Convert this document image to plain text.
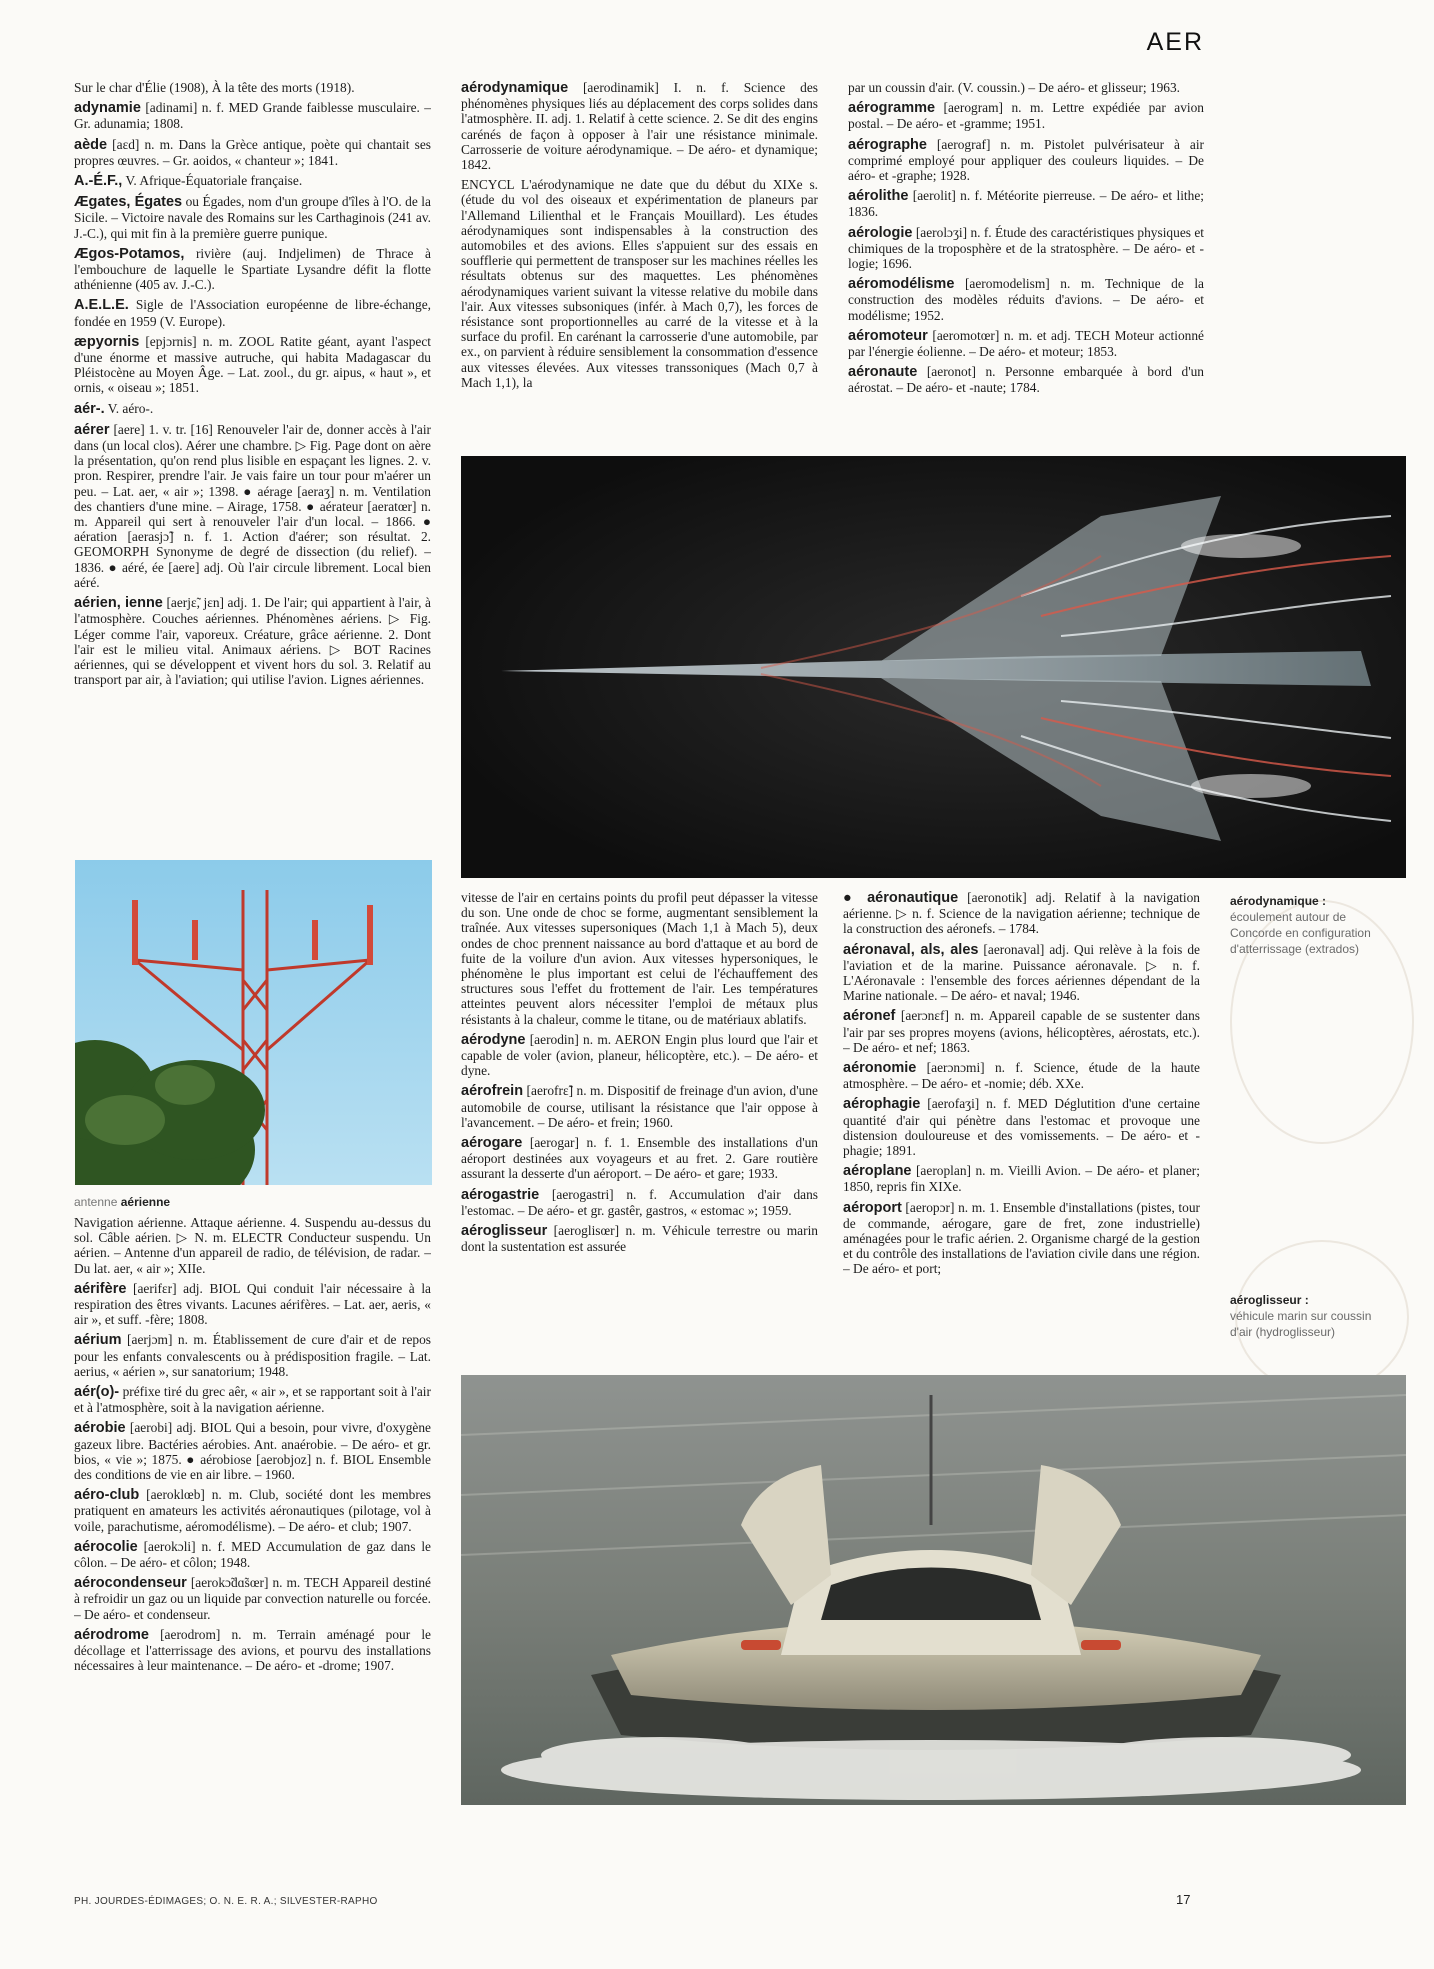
AER

Sur le char d'Élie (1908), À la tête des morts (1918).

adynamie [adinami] n. f. MED Grande faiblesse musculaire. – Gr. adunamia; 1808.

aède [aɛd] n. m. Dans la Grèce antique, poète qui chantait ses propres œuvres. – Gr. aoidos, « chanteur »; 1841.

A.-É.F., V. Afrique-Équatoriale française.

Ægates, Égates ou Égades, nom d'un groupe d'îles à l'O. de la Sicile. – Victoire navale des Romains sur les Carthaginois (241 av. J.-C.), qui mit fin à la première guerre punique.

Ægos-Potamos, rivière (auj. Indjelimen) de Thrace à l'embouchure de laquelle le Spartiate Lysandre défit la flotte athénienne (405 av. J.-C.).

A.E.L.E. Sigle de l'Association européenne de libre-échange, fondée en 1959 (V. Europe).

æpyornis [epjɔrnis] n. m. ZOOL Ratite géant, ayant l'aspect d'une énorme et massive autruche, qui habita Madagascar du Pléistocène au Moyen Âge. – Lat. zool., du gr. aipus, « haut », et ornis, « oiseau »; 1851.

aér-. V. aéro-.

aérer [aere] 1. v. tr. [16] Renouveler l'air de, donner accès à l'air dans (un local clos). Aérer une chambre. ▷ Fig. Page dont on aère la présentation, qu'on rend plus lisible en espaçant les lignes. 2. v. pron. Respirer, prendre l'air. Je vais faire un tour pour m'aérer un peu. – Lat. aer, « air »; 1398. ● aérage [aeraʒ] n. m. Ventilation des chantiers d'une mine. – Airage, 1758. ● aérateur [aeratœr] n. m. Appareil qui sert à renouveler l'air d'un local. – 1866. ● aération [aerasjɔ̃] n. f. 1. Action d'aérer; son résultat. 2. GEOMORPH Synonyme de degré de dissection (du relief). – 1836. ● aéré, ée [aere] adj. Où l'air circule librement. Local bien aéré.

aérien, ienne [aerjɛ̃, jɛn] adj. 1. De l'air; qui appartient à l'air, à l'atmosphère. Couches aériennes. Phénomènes aériens. ▷ Fig. Léger comme l'air, vaporeux. Créature, grâce aérienne. 2. Dont l'air est le milieu vital. Animaux aériens. ▷ BOT Racines aériennes, qui se développent et vivent hors du sol. 3. Relatif au transport par air, à l'aviation; qui utilise l'avion. Lignes aériennes.

antenne aérienne

Navigation aérienne. Attaque aérienne. 4. Suspendu au-dessus du sol. Câble aérien. ▷ N. m. ELECTR Conducteur suspendu. Un aérien. – Antenne d'un appareil de radio, de télévision, de radar. – Du lat. aer, « air »; XIIe.

aérifère [aerifɛr] adj. BIOL Qui conduit l'air nécessaire à la respiration des êtres vivants. Lacunes aérifères. – Lat. aer, aeris, « air », et suff. -fère; 1808.

aérium [aerjɔm] n. m. Établissement de cure d'air et de repos pour les enfants convalescents ou à prédisposition fragile. – Lat. aerius, « aérien », sur sanatorium; 1948.

aér(o)- préfixe tiré du grec aêr, « air », et se rapportant soit à l'air et à l'atmosphère, soit à la navigation aérienne.

aérobie [aerobi] adj. BIOL Qui a besoin, pour vivre, d'oxygène gazeux libre. Bactéries aérobies. Ant. anaérobie. – De aéro- et gr. bios, « vie »; 1875. ● aérobiose [aerobjoz] n. f. BIOL Ensemble des conditions de vie en air libre. – 1960.

aéro-club [aeroklœb] n. m. Club, société dont les membres pratiquent en amateurs les activités aéronautiques (pilotage, vol à voile, parachutisme, aéromodélisme). – De aéro- et club; 1907.

aérocolie [aerokɔli] n. f. MED Accumulation de gaz dans le côlon. – De aéro- et côlon; 1948.

aérocondenseur [aerokɔ̃dɑ̃sœr] n. m. TECH Appareil destiné à refroidir un gaz ou un liquide par convection naturelle ou forcée. – De aéro- et condenseur.

aérodrome [aerodrom] n. m. Terrain aménagé pour le décollage et l'atterrissage des avions, et pourvu des installations nécessaires à leur maintenance. – De aéro- et -drome; 1907.

aérodynamique [aerodinamik] I. n. f. Science des phénomènes physiques liés au déplacement des corps solides dans l'atmosphère. II. adj. 1. Relatif à cette science. 2. Se dit des engins carénés de façon à opposer à l'air une résistance minimale. Carrosserie de voiture aérodynamique. – De aéro- et dynamique; 1842.

ENCYCL L'aérodynamique ne date que du début du XIXe s. (étude du vol des oiseaux et expérimentation de planeurs par l'Allemand Lilienthal et le Français Mouillard). Les études aérodynamiques sont indispensables à la construction des automobiles et des avions. Elles s'appuient sur des essais en soufflerie qui permettent de transposer sur les machines réelles les résultats obtenus sur des maquettes. Les phénomènes aérodynamiques varient suivant la vitesse relative du mobile dans l'air. Aux vitesses subsoniques (infér. à Mach 0,7), les forces de résistance sont proportionnelles au carré de la vitesse et à la surface du profil. En carénant la carrosserie d'une automobile, par ex., on parvient à réduire sensiblement la consommation d'essence aux vitesses élevées. Aux vitesses transsoniques (Mach 0,7 à Mach 1,1), la

par un coussin d'air. (V. coussin.) – De aéro- et glisseur; 1963.

aérogramme [aerogram] n. m. Lettre expédiée par avion postal. – De aéro- et -gramme; 1951.

aérographe [aerograf] n. m. Pistolet pulvérisateur à air comprimé employé pour appliquer des couleurs liquides. – De aéro- et -graphe; 1928.

aérolithe [aerolit] n. f. Météorite pierreuse. – De aéro- et lithe; 1836.

aérologie [aerolɔʒi] n. f. Étude des caractéristiques physiques et chimiques de la troposphère et de la stratosphère. – De aéro- et -logie; 1696.

aéromodélisme [aeromodelism] n. m. Technique de la construction des modèles réduits d'avions. – De aéro- et modélisme; 1952.

aéromoteur [aeromotœr] n. m. et adj. TECH Moteur actionné par l'énergie éolienne. – De aéro- et moteur; 1853.

aéronaute [aeronot] n. Personne embarquée à bord d'un aérostat. – De aéro- et -naute; 1784.

aérodynamique :
écoulement autour de Concorde en configuration d'atterrissage (extrados)

vitesse de l'air en certains points du profil peut dépasser la vitesse du son. Une onde de choc se forme, augmentant sensiblement la traînée. Aux vitesses supersoniques (Mach 1,1 à Mach 5), deux ondes de choc prennent naissance au bord d'attaque et au bord de fuite de la voilure d'un avion. Aux vitesses hypersoniques, le phénomène le plus important est celui de l'échauffement des structures sous l'effet du frottement de l'air. Les températures atteintes peuvent alors nécessiter l'emploi de métaux plus résistants à la chaleur, comme le titane, ou de matériaux ablatifs.

aérodyne [aerodin] n. m. AERON Engin plus lourd que l'air et capable de voler (avion, planeur, hélicoptère, etc.). – De aéro- et dyne.

aérofrein [aerofrɛ̃] n. m. Dispositif de freinage d'un avion, d'une automobile de course, utilisant la résistance que l'air oppose à l'avancement. – De aéro- et frein; 1960.

aérogare [aerogar] n. f. 1. Ensemble des installations d'un aéroport destinées aux voyageurs et au fret. 2. Gare routière assurant la desserte d'un aéroport. – De aéro- et gare; 1933.

aérogastrie [aerogastri] n. f. Accumulation d'air dans l'estomac. – De aéro- et gr. gastêr, gastros, « estomac »; 1959.

aéroglisseur [aeroglisœr] n. m. Véhicule terrestre ou marin dont la sustentation est assurée

● aéronautique [aeronotik] adj. Relatif à la navigation aérienne. ▷ n. f. Science de la navigation aérienne; technique de la construction des aéronefs. – 1784.

aéronaval, als, ales [aeronaval] adj. Qui relève à la fois de l'aviation et de la marine. Puissance aéronavale. ▷ n. f. L'Aéronavale : l'ensemble des forces aériennes dépendant de la Marine nationale. – De aéro- et naval; 1946.

aéronef [aerɔnɛf] n. m. Appareil capable de se sustenter dans l'air par ses propres moyens (avions, hélicoptères, aérostats, etc.). – De aéro- et nef; 1863.

aéronomie [aerɔnɔmi] n. f. Science, étude de la haute atmosphère. – De aéro- et -nomie; déb. XXe.

aérophagie [aerofaʒi] n. f. MED Déglutition d'une certaine quantité d'air qui pénètre dans l'estomac et provoque une distension douloureuse et des vomissements. – De aéro- et -phagie; 1891.

aéroplane [aeroplan] n. m. Vieilli Avion. – De aéro- et planer; 1850, repris fin XIXe.

aéroport [aeropɔr] n. m. 1. Ensemble d'installations (pistes, tour de commande, aérogare, gare de fret, zone industrielle) aménagées pour le trafic aérien. 2. Organisme chargé de la gestion et du contrôle des installations de l'aviation civile dans une région. – De aéro- et port;

aéroglisseur :
véhicule marin sur coussin d'air (hydroglisseur)
PH. JOURDES-ÉDIMAGES; O. N. E. R. A.; SILVESTER-RAPHO	17
